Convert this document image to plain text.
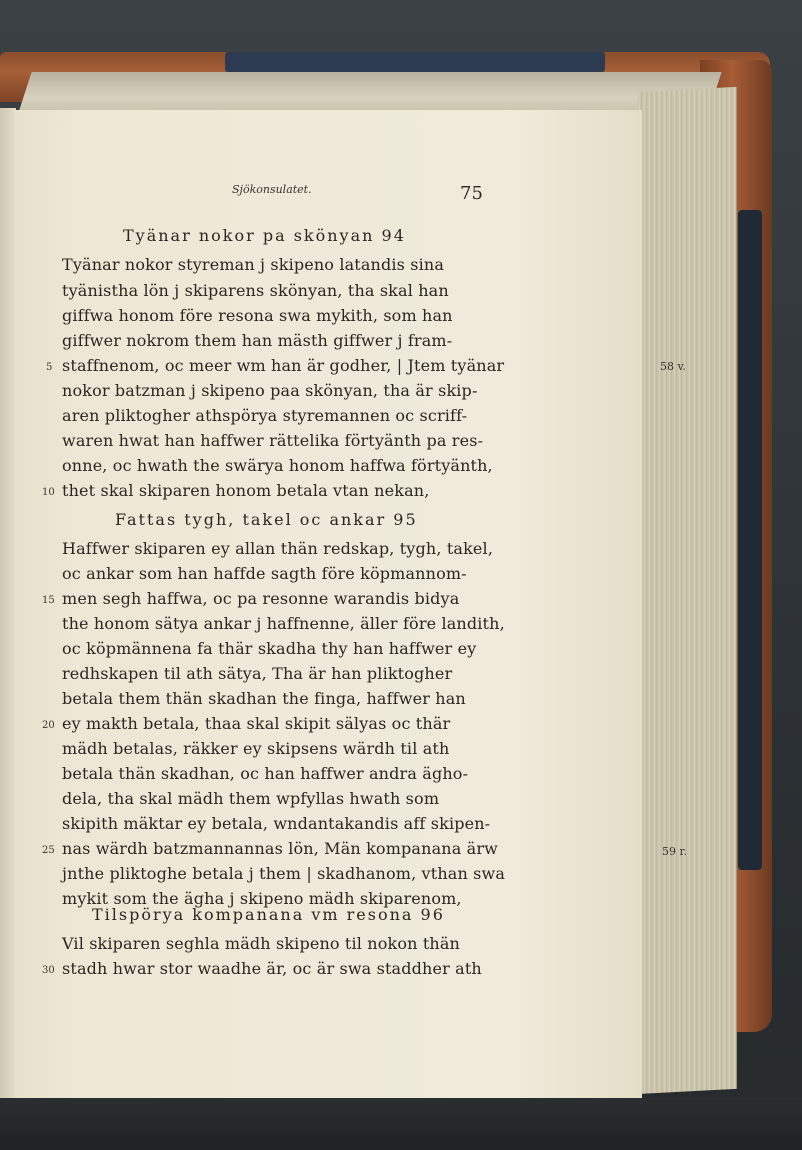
Sjökonsulatet.	75
Tyänar nokor pa skönyan 94
Tyänar nokor styreman j skipeno latandis sina
tyänistha lön j skiparens skönyan, tha skal han
giffwa honom före resona swa mykith, som han
giffwer nokrom them han mästh giffwer j fram-
staffnenom, oc meer wm han är godher, | Jtem tyänar
nokor batzman j skipeno paa skönyan, tha är skip-
aren pliktogher athspörya styremannen oc scriff-
waren hwat han haffwer rättelika förtyänth pa res-
onne, oc hwath the swärya honom haffwa förtyänth,
thet skal skiparen honom betala vtan nekan,
Fattas tygh, takel oc ankar 95
Haffwer skiparen ey allan thän redskap, tygh, takel,
oc ankar som han haffde sagth före köpmannom-
men segh haffwa, oc pa resonne warandis bidya
the honom sätya ankar j haffnenne, äller före landith,
oc köpmännena fa thär skadha thy han haffwer ey
redhskapen til ath sätya, Tha är han pliktogher
betala them thän skadhan the finga, haffwer han
ey makth betala, thaa skal skipit sälyas oc thär
mädh betalas, räkker ey skipsens wärdh til ath
betala thän skadhan, oc han haffwer andra ägho-
dela, tha skal mädh them wpfyllas hwath som
skipith mäktar ey betala, wndantakandis aff skipen-
nas wärdh batzmannannas lön, Män kompanana ärw
jnthe pliktoghe betala j them | skadhanom, vthan swa
mykit som the ägha j skipeno mädh skiparenom,
Tilspörya kompanana vm resona 96
Vil skiparen seghla mädh skipeno til nokon thän
stadh hwar stor waadhe är, oc är swa staddher ath
5
10
15
20
25
30
58 v.
59 r.
